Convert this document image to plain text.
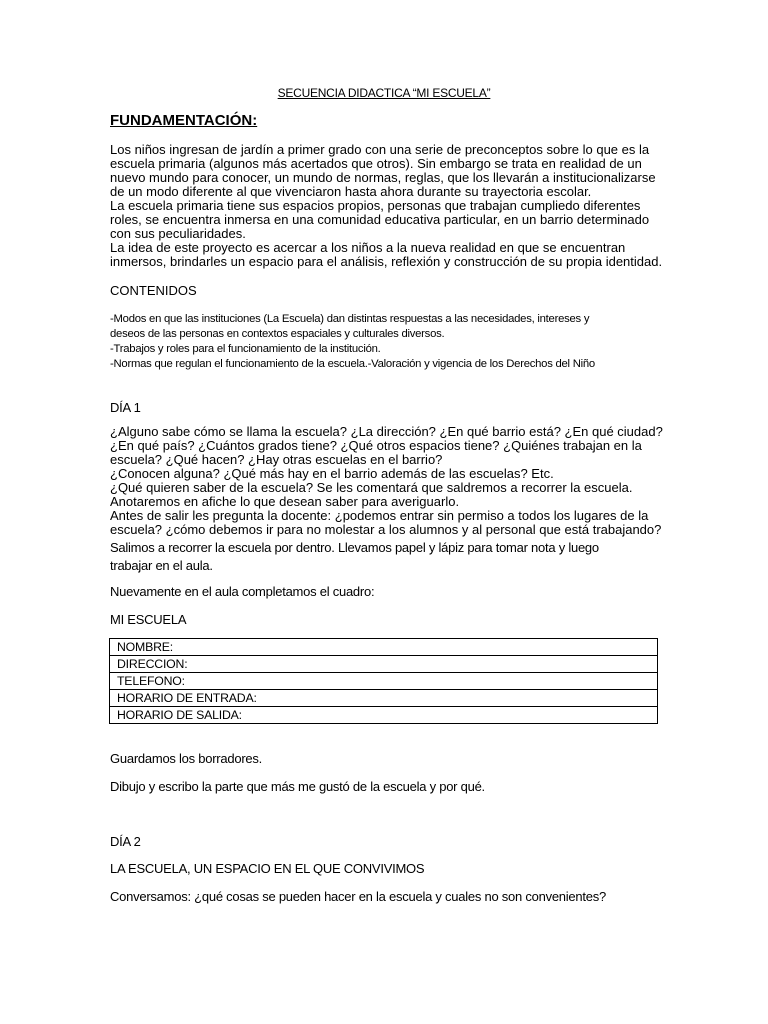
SECUENCIA DIDACTICA “MI ESCUELA”
FUNDAMENTACIÓN:
Los niños ingresan de jardín a primer grado con una serie de preconceptos sobre lo que es la
escuela primaria (algunos más acertados que otros). Sin embargo se trata en realidad de un
nuevo mundo para conocer, un mundo de normas, reglas, que los llevarán a institucionalizarse
de un modo diferente al que vivenciaron hasta ahora durante su trayectoria escolar.
La escuela primaria tiene sus espacios propios, personas que trabajan cumpliedo diferentes
roles, se encuentra inmersa en una comunidad educativa particular, en un barrio determinado
con sus peculiaridades.
La idea de este proyecto es acercar a los niños a la nueva realidad en que se encuentran
inmersos, brindarles un espacio para el análisis, reflexión y construcción de su propia identidad.
CONTENIDOS
-Modos en que las instituciones (La Escuela) dan distintas respuestas a las necesidades, intereses y
deseos de las personas en contextos espaciales y culturales diversos.
-Trabajos y roles para el funcionamiento de la institución.
-Normas que regulan el funcionamiento de la escuela.-Valoración y vigencia de los Derechos del Niño
DÍA 1
¿Alguno sabe cómo se llama la escuela? ¿La dirección? ¿En qué barrio está? ¿En qué ciudad?
¿En qué país? ¿Cuántos grados tiene? ¿Qué otros espacios tiene? ¿Quiénes trabajan en la
escuela? ¿Qué hacen? ¿Hay otras escuelas en el barrio?
¿Conocen alguna? ¿Qué más hay en el barrio además de las escuelas? Etc.
¿Qué quieren saber de la escuela? Se les comentará que saldremos a recorrer la escuela.
Anotaremos en afiche lo que desean saber para averiguarlo.
Antes de salir les pregunta la docente: ¿podemos entrar sin permiso a todos los lugares de la
escuela? ¿cómo debemos ir para no molestar a los alumnos y al personal que está trabajando?
Salimos a recorrer la escuela por dentro. Llevamos papel y lápiz para tomar nota y luego
trabajar en el aula.
Nuevamente en el aula completamos el cuadro:
MI ESCUELA
NOMBRE:
DIRECCION:
TELEFONO:
HORARIO DE ENTRADA:
HORARIO DE SALIDA:
Guardamos los borradores.
Dibujo y escribo la parte que más me gustó de la escuela y por qué.
DÍA 2
LA ESCUELA, UN ESPACIO EN EL QUE CONVIVIMOS
Conversamos: ¿qué cosas se pueden hacer en la escuela y cuales no son convenientes?
